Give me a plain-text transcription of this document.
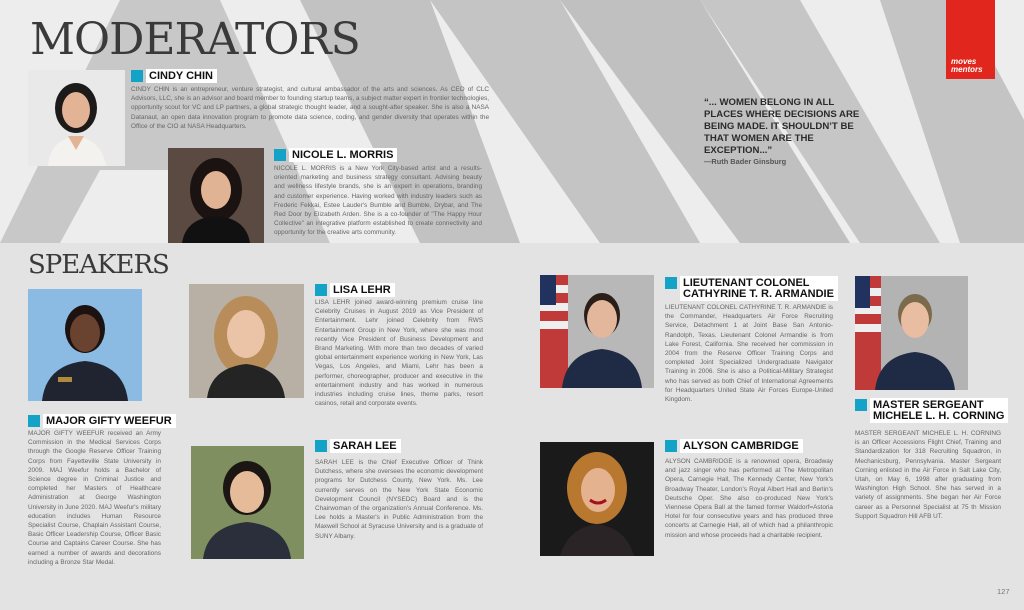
MODERATORS	moves
mentors
CINDY CHIN
CINDY CHIN is an entrepreneur, venture strategist, and cultural ambassador of the arts and sciences. As CEO of CLC Advisors, LLC, she is an advisor and board member to founding startup teams, a subject matter expert in frontier technologies, opportunity scout for VC and LP partners, a global strategic thought leader, and a sought-after speaker. She is also a NASA Datanaut, an open data innovation program to promote data science, coding, and gender diversity that operates within the Office of the CIO at NASA Headquarters.
NICOLE L. MORRIS
NICOLE L. MORRIS is a New York City-based artist and a results-oriented marketing and business strategy consultant. Advising beauty and wellness lifestyle brands, she is an expert in operations, branding and customer experience. Having worked with industry leaders such as Frederic Fekkai, Estee Lauder's Bumble and Bumble, Drybar, and The Red Door by Elizabeth Arden. She is a co-founder of "The Happy Hour Collective" an integrative platform established to create connectivity and opportunity for the creative arts community.
“... WOMEN BELONG IN ALL PLACES WHERE DECISIONS ARE BEING MADE. IT SHOULDN’T BE THAT WOMEN ARE THE EXCEPTION...”
—Ruth Bader Ginsburg
SPEAKERS
MAJOR GIFTY WEEFUR
MAJOR GIFTY WEEFUR received an Army Commission in the Medical Services Corps through the Google Reserve Officer Training Corps from Fayetteville State University in 2009. MAJ Weefur holds a Bachelor of Science degree in Criminal Justice and completed her Masters of Healthcare Administration at George Washington University in June 2020. MAJ Weefur's military education includes Human Resource Specialist Course, Chaplain Assistant Course, Basic Officer Leadership Course, Officer Basic Course and Captains Career Course. She has earned a number of awards and decorations including a Bronze Star Medal.
LISA LEHR
LISA LEHR joined award-winning premium cruise line Celebrity Cruises in August 2019 as Vice President of Entertainment. Lehr joined Celebrity from RWS Entertainment Group in New York, where she was most recently Vice President of Business Development and Brand Marketing. With more than two decades of varied global entertainment experience working in New York, Las Vegas, Los Angeles, and Miami, Lehr has been a performer, choreographer, producer and executive in the entertainment industry and has worked in numerous industries including cruise lines, theme parks, resort casinos, retail and corporate events.
SARAH LEE
SARAH LEE is the Chief Executive Officer of Think Dutchess, where she oversees the economic development programs for Dutchess County, New York. Ms. Lee currently serves on the New York State Economic Development Council (NYSEDC) Board and is the Chairwoman of the organization's Annual Conference. Ms. Lee holds a Master's in Public Administration from the Maxwell School at Syracuse University and is a graduate of SUNY Albany.
LIEUTENANT COLONEL
CATHYRINE T. R. ARMANDIE
LIEUTENANT COLONEL CATHYRINE T. R. ARMANDIE is the Commander, Headquarters Air Force Recruiting Service, Detachment 1 at Joint Base San Antonio-Randolph, Texas. Lieutenant Colonel Armandie is from Lake Forest, California. She received her commission in 2004 from the Reserve Officer Training Corps and completed Joint Specialized Undergraduate Navigator Training in 2006. She is also a Political-Military Strategist who has served as both Chief of International Agreements for Headquarters United State Air Forces Europe-United Kingdom.
ALYSON CAMBRIDGE
ALYSON CAMBRIDGE is a renowned opera, Broadway and jazz singer who has performed at The Metropolitan Opera, Carnegie Hall, The Kennedy Center, New York's Broadway Theater, London's Royal Albert Hall and Berlin's Deutsche Oper. She also co-produced New York's Viennese Opera Ball at the famed former Waldorf=Astoria Hotel for four consecutive years and has produced three concerts at Carnegie Hall, all of which had a philanthropic mission and whose proceeds had a charitable recipient.
MASTER SERGEANT
MICHELE L. H. CORNING
MASTER SERGEANT MICHELE L. H. CORNING is an Officer Accessions Flight Chief, Training and Standardization for 318 Recruiting Squadron, in Mechanicsburg, Pennsylvania. Master Sergeant Corning enlisted in the Air Force in Salt Lake City, Utah, on May 6, 1998 after graduating from Washington High School. She has served in a variety of assignments. She began her Air Force career as a Personnel Specialist at 75 th Mission Support Squadron Hill AFB UT.
127
